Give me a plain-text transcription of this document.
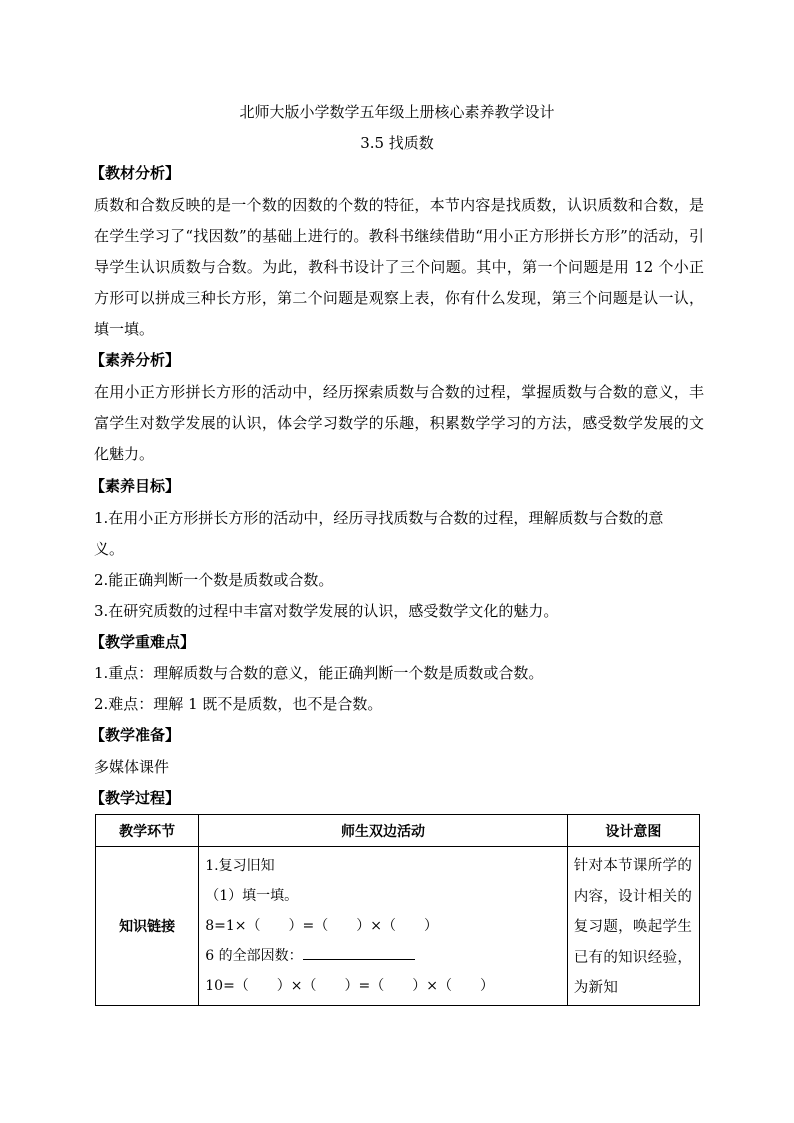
北师大版小学数学五年级上册核心素养教学设计
3.5 找质数
【教材分析】
质数和合数反映的是一个数的因数的个数的特征，本节内容是找质数，认识质数和合数，是在学生学习了“找因数”的基础上进行的。教科书继续借助“用小正方形拼长方形”的活动，引导学生认识质数与合数。为此，教科书设计了三个问题。其中，第一个问题是用 12 个小正方形可以拼成三种长方形，第二个问题是观察上表，你有什么发现，第三个问题是认一认，填一填。
【素养分析】
在用小正方形拼长方形的活动中，经历探索质数与合数的过程，掌握质数与合数的意义，丰富学生对数学发展的认识，体会学习数学的乐趣，积累数学学习的方法，感受数学发展的文化魅力。
【素养目标】
1.在用小正方形拼长方形的活动中，经历寻找质数与合数的过程，理解质数与合数的意
义。
2.能正确判断一个数是质数或合数。
3.在研究质数的过程中丰富对数学发展的认识，感受数学文化的魅力。
【教学重难点】
1.重点：理解质数与合数的意义，能正确判断一个数是质数或合数。
2.难点：理解 1 既不是质数，也不是合数。
【教学准备】
多媒体课件
【教学过程】
教学环节	师生双边活动	设计意图
知识链接	1.复习旧知
（1）填一填。
8=1×（　　）=（　　）×（　　）
6 的全部因数：
10=（　　）×（　　）=（　　）×（　　）	针对本节课所学的内容，设计相关的复习题，唤起学生已有的知识经验，为新知
